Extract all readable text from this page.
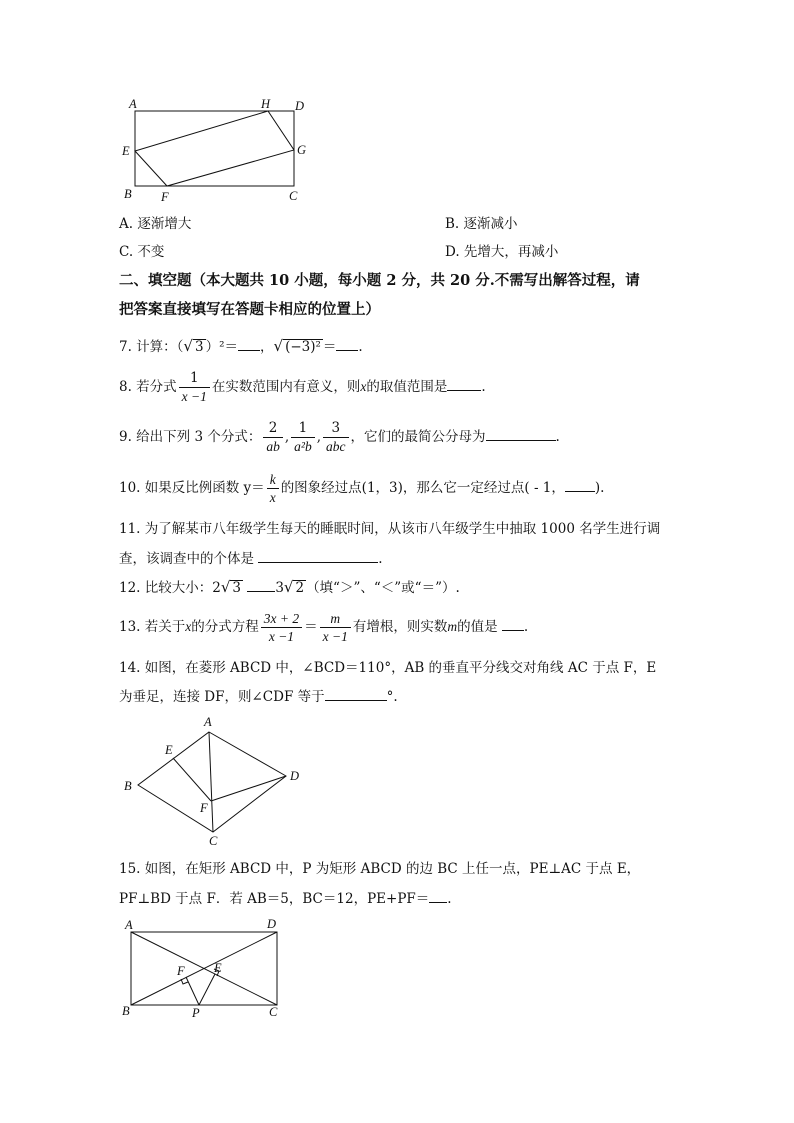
A	H D
E	G
B F	C
A. 逐渐增大	B. 逐渐减小
C. 不变	D. 先增大，再减小
二、填空题（本大题共 10 小题，每小题 2 分，共 20 分.不需写出解答过程，请
把答案直接填写在答题卡相应的位置上）
7. 计算：（√ 3 ）²＝ ，√ (−3)² ＝ .
8. 若分式 $\frac{1}{x -1}$ 在实数范围内有意义，则x的取值范围是	.
9. 给出下列 3 个分式： $\frac{2}{ab}$ , $\frac{1}{\text{a²b}}$ , $\frac{3}{\text{abc}}$ ，它们的最简公分母为	.
10. 如果反比例函数 $y= \frac{k}{x}$ 的图象经过点(1，3)，那么它一定经过点( - 1， ).
11. 为了解某市八年级学生每天的睡眠时间，从该市八年级学生中抽取 1000 名学生进行调
查，该调查中的个体是	.
12. 比较大小：2√ 3	3√ 2 （填“＞”、“＜”或“＝”）.
13. 若关于x的分式方程 $\frac{3x + 2}{x -1} = \frac{m}{x -1}$ 有增根，则实数m的值是 .
14. 如图，在菱形 ABCD 中，∠BCD＝110°，AB 的垂直平分线交对角线 AC 于点 F，E
为垂足，连接 DF，则∠CDF 等于	°.
A
E
B
F
D
C
15. 如图，在矩形 ABCD 中，P 为矩形 ABCD 的边 BC 上任一点，PE⊥AC 于点 E，
PF⊥BD 于点 F．若 AB＝5，BC＝12，PE+PF＝ .
A	D
F E
B	P	C
